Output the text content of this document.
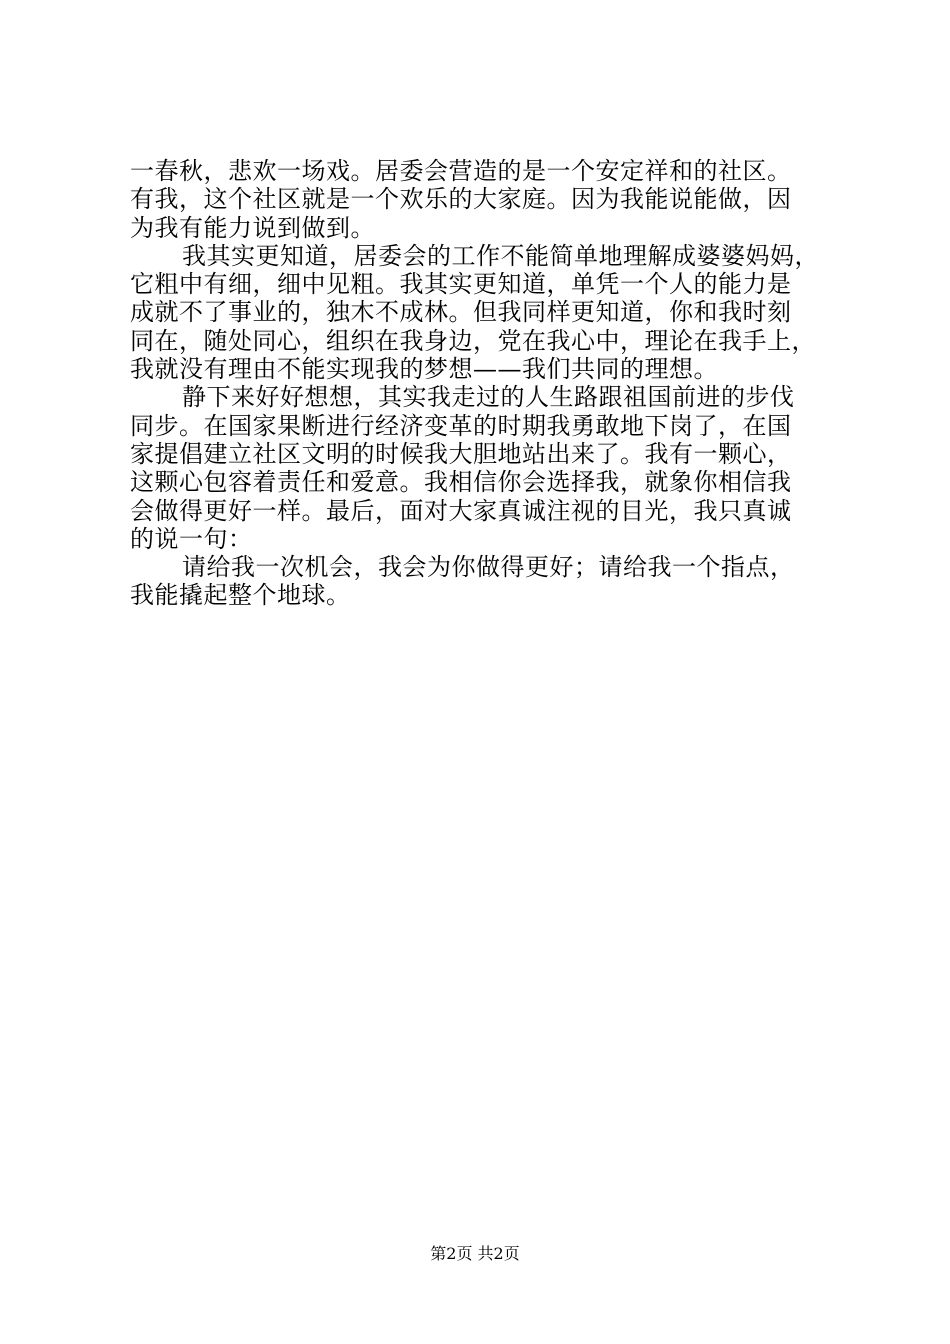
一春秋，悲欢一场戏。居委会营造的是一个安定祥和的社区。
有我，这个社区就是一个欢乐的大家庭。因为我能说能做，因
为我有能力说到做到。
我其实更知道，居委会的工作不能简单地理解成婆婆妈妈，
它粗中有细，细中见粗。我其实更知道，单凭一个人的能力是
成就不了事业的，独木不成林。但我同样更知道，你和我时刻
同在，随处同心，组织在我身边，党在我心中，理论在我手上，
我就没有理由不能实现我的梦想——我们共同的理想。
静下来好好想想，其实我走过的人生路跟祖国前进的步伐
同步。在国家果断进行经济变革的时期我勇敢地下岗了，在国
家提倡建立社区文明的时候我大胆地站出来了。我有一颗心，
这颗心包容着责任和爱意。我相信你会选择我，就象你相信我
会做得更好一样。最后，面对大家真诚注视的目光，我只真诚
的说一句：
请给我一次机会，我会为你做得更好；请给我一个指点，
我能撬起整个地球。
第2页 共2页
